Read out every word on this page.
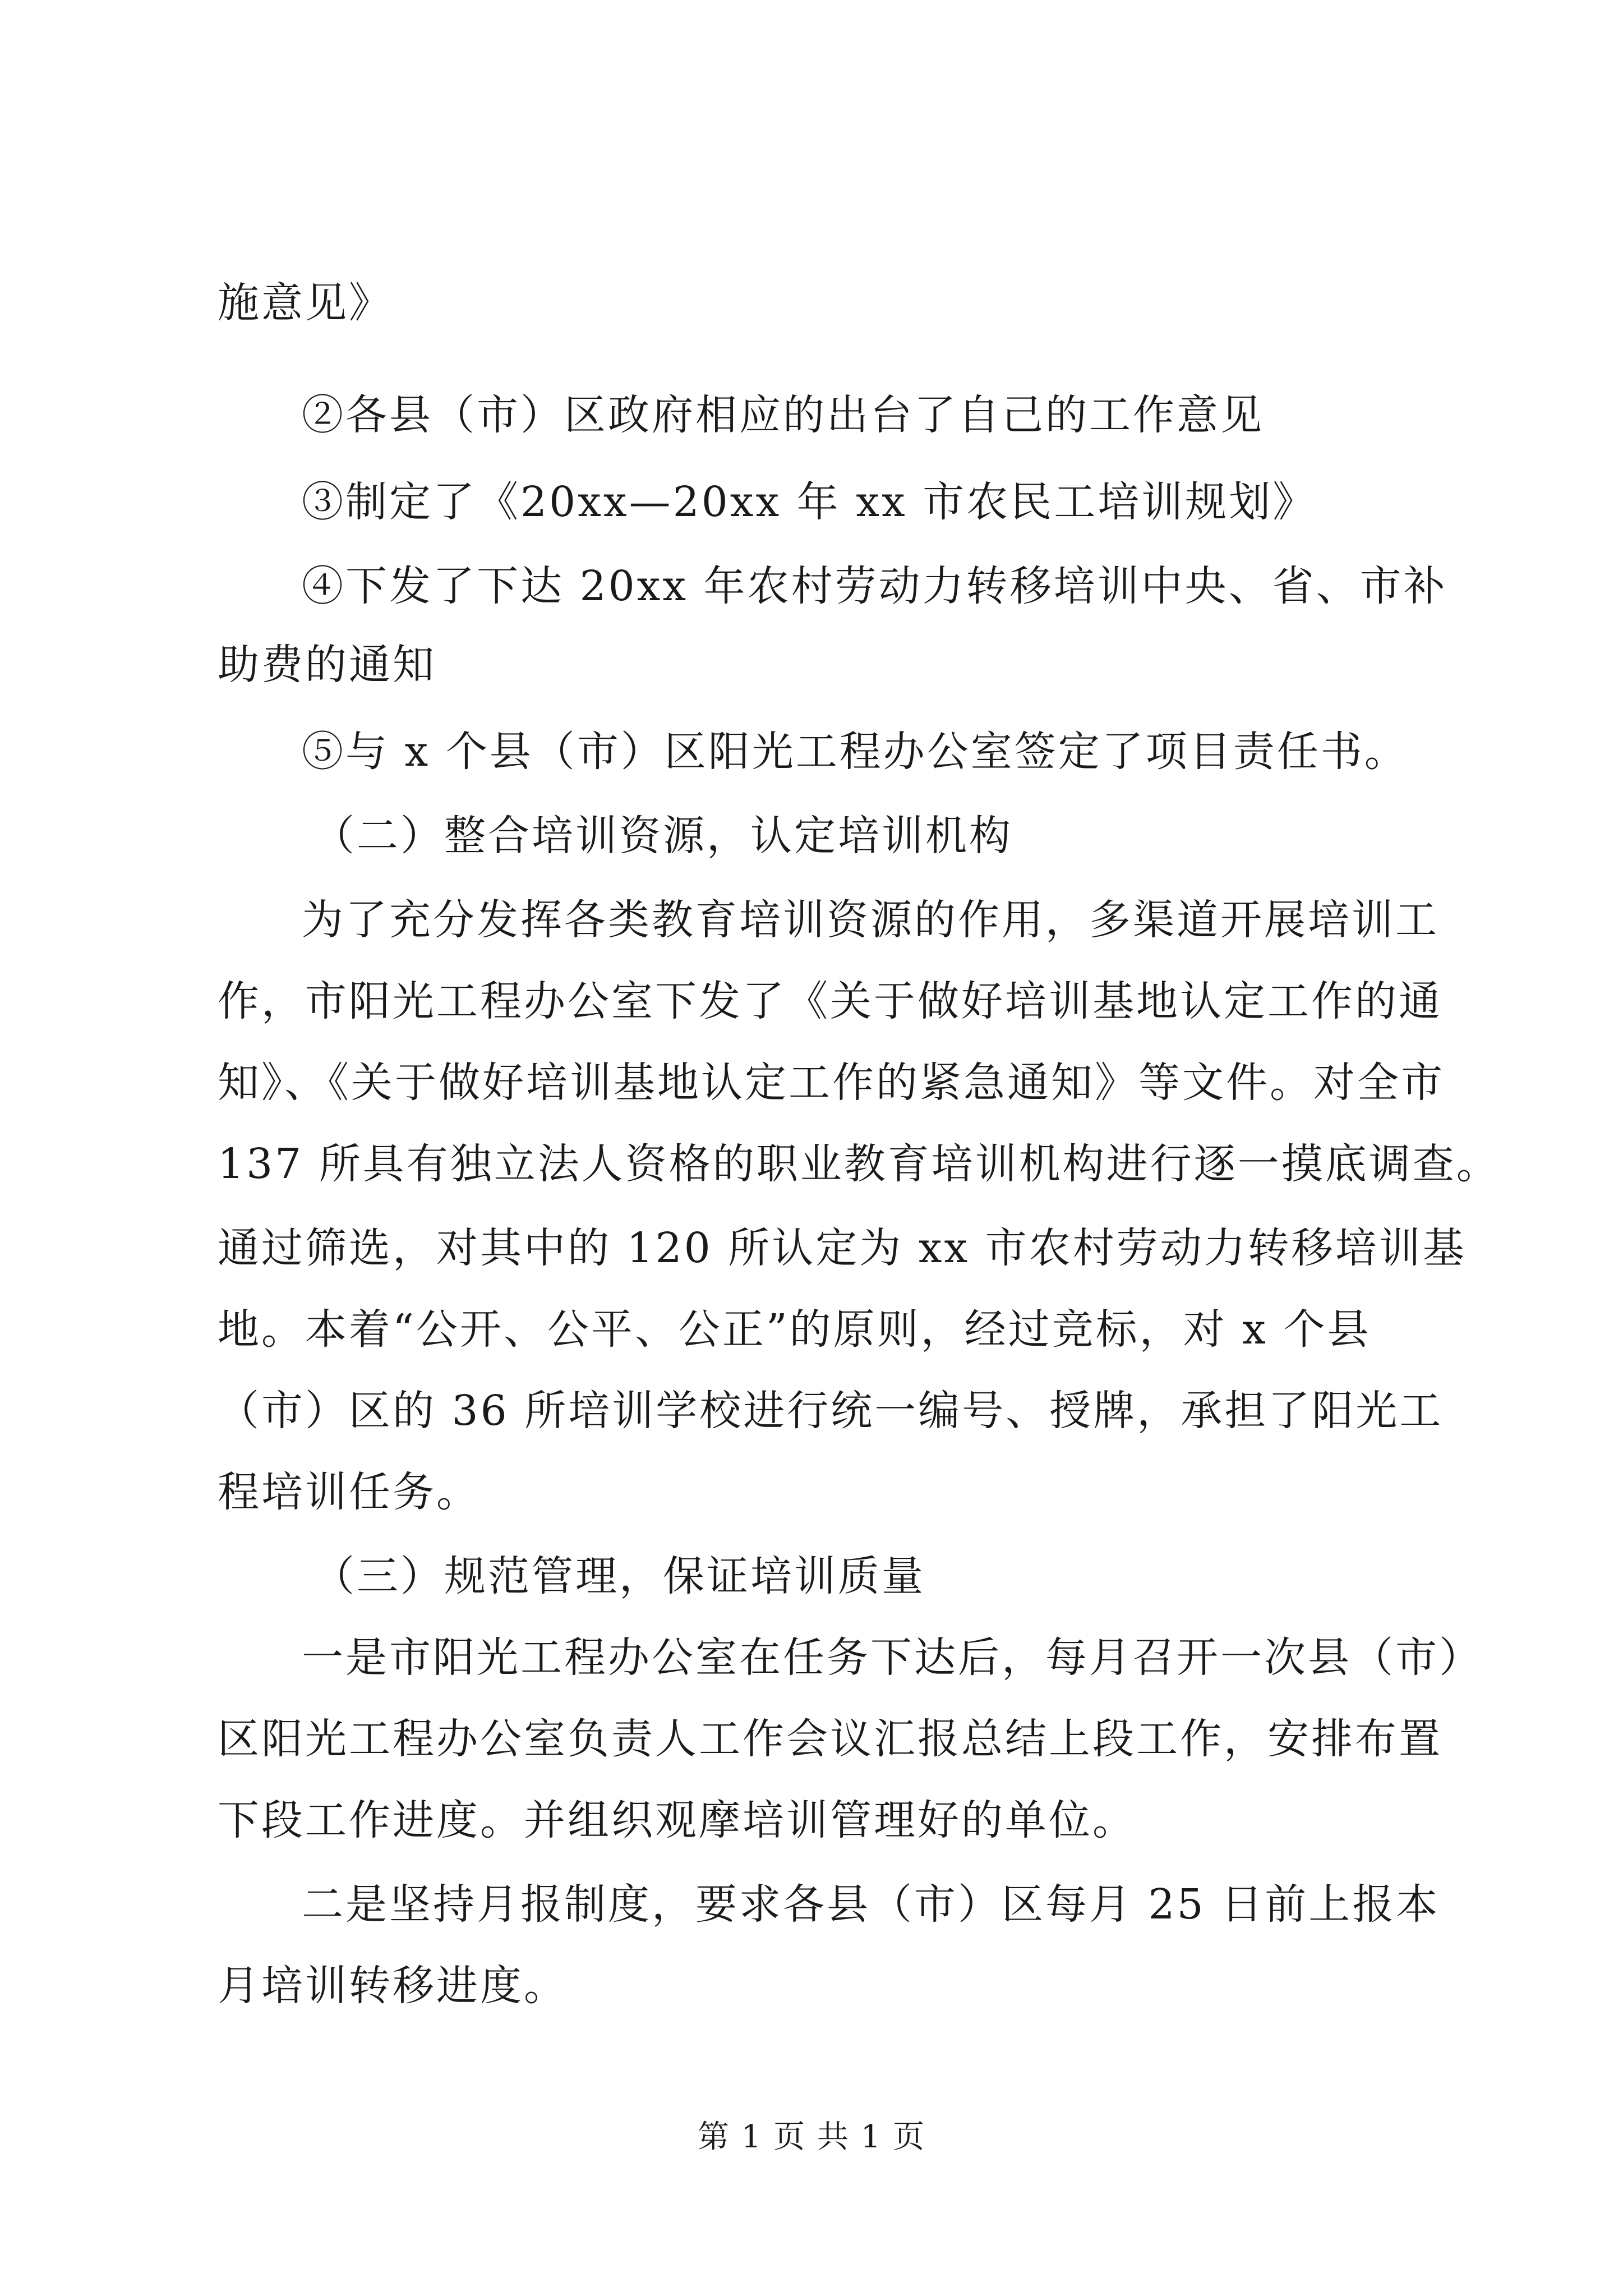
施意见》
②各县（市）区政府相应的出台了自己的工作意见
③制定了《20xx—20xx 年 xx 市农民工培训规划》
④下发了下达 20xx 年农村劳动力转移培训中央、省、市补
助费的通知
⑤与 x 个县（市）区阳光工程办公室签定了项目责任书。
（二）整合培训资源，认定培训机构
为了充分发挥各类教育培训资源的作用，多渠道开展培训工
作，市阳光工程办公室下发了《关于做好培训基地认定工作的通
知》、《关于做好培训基地认定工作的紧急通知》等文件。对全市
137 所具有独立法人资格的职业教育培训机构进行逐一摸底调查。
通过筛选，对其中的 120 所认定为 xx 市农村劳动力转移培训基
地。本着“公开、公平、公正”的原则，经过竞标，对 x 个县
（市）区的 36 所培训学校进行统一编号、授牌，承担了阳光工
程培训任务。
（三）规范管理，保证培训质量
一是市阳光工程办公室在任务下达后，每月召开一次县（市）
区阳光工程办公室负责人工作会议汇报总结上段工作，安排布置
下段工作进度。并组织观摩培训管理好的单位。
二是坚持月报制度，要求各县（市）区每月 25 日前上报本
月培训转移进度。
第 1 页 共 1 页
